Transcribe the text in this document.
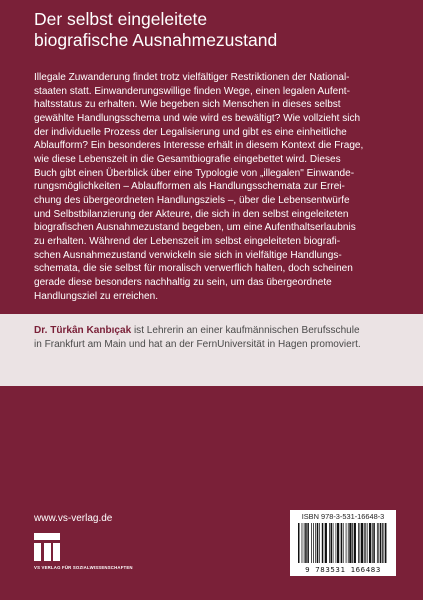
Der selbst eingeleitete
biografische Ausnahmezustand
Illegale Zuwanderung findet trotz vielfältiger Restriktionen der National-
staaten statt. Einwanderungswillige finden Wege, einen legalen Aufent-
haltsstatus zu erhalten. Wie begeben sich Menschen in dieses selbst
gewählte Handlungsschema und wie wird es bewältigt? Wie vollzieht sich
der individuelle Prozess der Legalisierung und gibt es eine einheitliche
Ablaufform? Ein besonderes Interesse erhält in diesem Kontext die Frage,
wie diese Lebenszeit in die Gesamtbiografie eingebettet wird. Dieses
Buch gibt einen Überblick über eine Typologie von „illegalen" Einwande-
rungsmöglichkeiten – Ablaufformen als Handlungsschemata zur Errei-
chung des übergeordneten Handlungsziels –, über die Lebensentwürfe
und Selbstbilanzierung der Akteure, die sich in den selbst eingeleiteten
biografischen Ausnahmezustand begeben, um eine Aufenthaltserlaubnis
zu erhalten. Während der Lebenszeit im selbst eingeleiteten biografi-
schen Ausnahmezustand verwickeln sie sich in vielfältige Handlungs-
schemata, die sie selbst für moralisch verwerflich halten, doch scheinen
gerade diese besonders nachhaltig zu sein, um das übergeordnete
Handlungsziel zu erreichen.
Dr. Türkân Kanbıçak ist Lehrerin an einer kaufmännischen Berufsschule
in Frankfurt am Main und hat an der FernUniversität in Hagen promoviert.
www.vs-verlag.de
VS VERLAG FÜR SOZIALWISSENSCHAFTEN
ISBN 978-3-531-16648-3
9 783531 166483
